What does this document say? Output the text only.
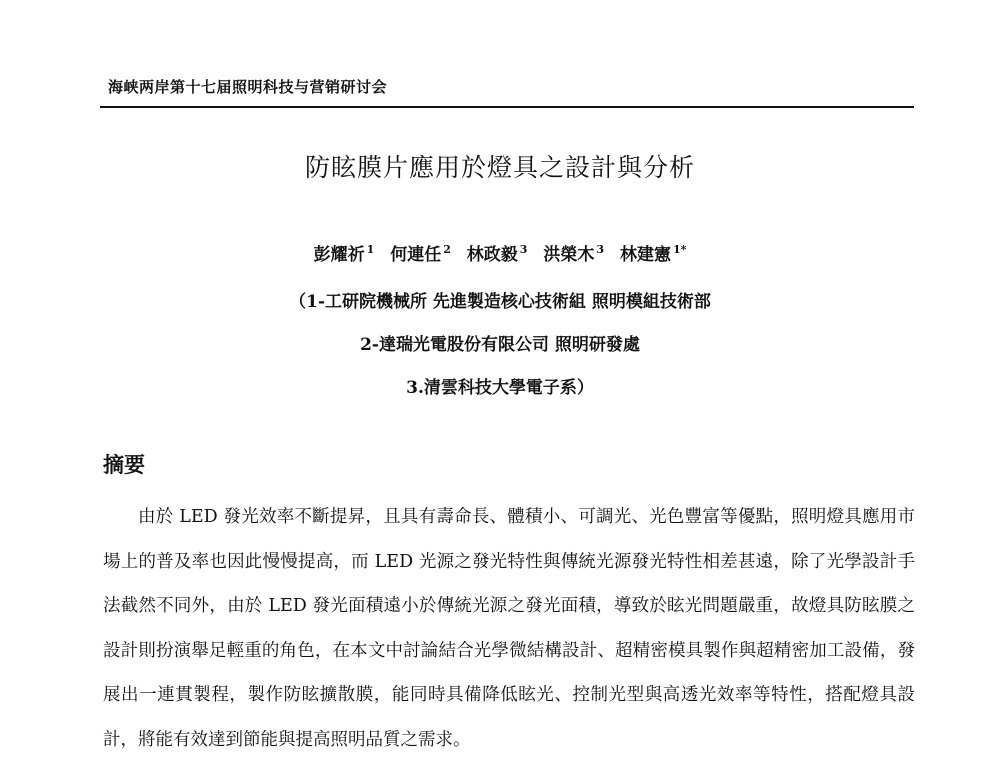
海峡两岸第十七届照明科技与营销研讨会
防眩膜片應用於燈具之設計與分析
彭耀祈 $^1$ 何連任 $^2$ 林政毅 $^3$ 洪榮木 $^3$ 林建憲 $^{1*}$
（1-工研院機械所 先進製造核心技術組 照明模組技術部
2-達瑞光電股份有限公司 照明研發處
3.清雲科技大學電子系）
摘要

由於 LED 發光效率不斷提昇，且具有壽命長、體積小、可調光、光色豐富等優點，照明燈具應用市場上的普及率也因此慢慢提高，而 LED 光源之發光特性與傳統光源發光特性相差甚遠，除了光學設計手法截然不同外，由於 LED 發光面積遠小於傳統光源之發光面積，導致於眩光問題嚴重，故燈具防眩膜之設計則扮演舉足輕重的角色，在本文中討論結合光學微結構設計、超精密模具製作與超精密加工設備，發展出一連貫製程，製作防眩擴散膜，能同時具備降低眩光、控制光型與高透光效率等特性，搭配燈具設計，將能有效達到節能與提高照明品質之需求。
